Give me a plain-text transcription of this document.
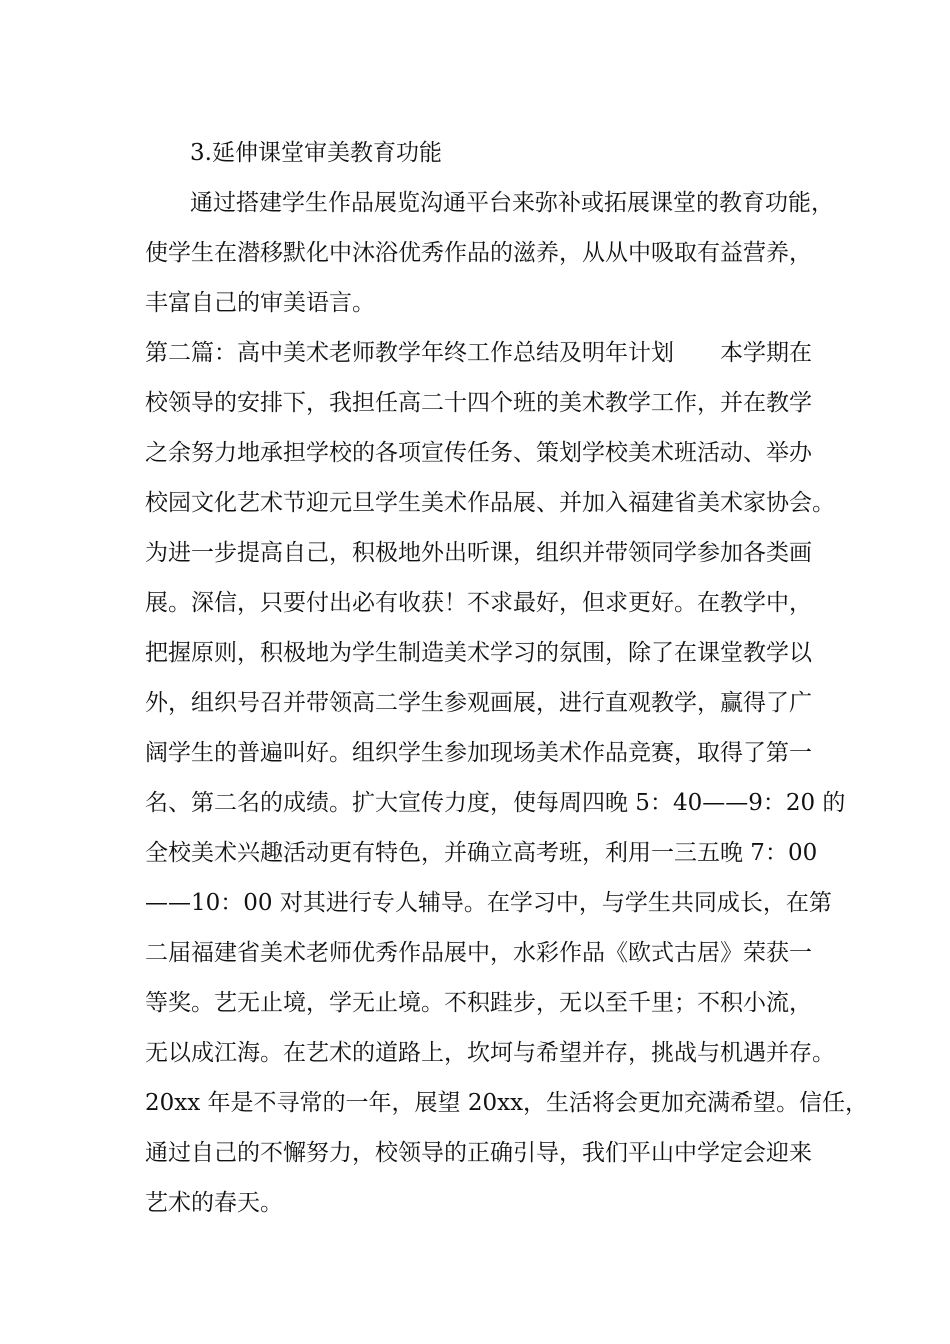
3.延伸课堂审美教育功能
通过搭建学生作品展览沟通平台来弥补或拓展课堂的教育功能，
使学生在潜移默化中沐浴优秀作品的滋养，从从中吸取有益营养，
丰富自己的审美语言。
第二篇：高中美术老师教学年终工作总结及明年计划　　本学期在
校领导的安排下，我担任高二十四个班的美术教学工作，并在教学
之余努力地承担学校的各项宣传任务、策划学校美术班活动、举办
校园文化艺术节迎元旦学生美术作品展、并加入福建省美术家协会。
为进一步提高自己，积极地外出听课，组织并带领同学参加各类画
展。深信，只要付出必有收获！不求最好，但求更好。在教学中，
把握原则，积极地为学生制造美术学习的氛围，除了在课堂教学以
外，组织号召并带领高二学生参观画展，进行直观教学，赢得了广
阔学生的普遍叫好。组织学生参加现场美术作品竞赛，取得了第一
名、第二名的成绩。扩大宣传力度，使每周四晚 5：40——9：20 的
全校美术兴趣活动更有特色，并确立高考班，利用一三五晚 7：00
——10：00 对其进行专人辅导。在学习中，与学生共同成长，在第
二届福建省美术老师优秀作品展中，水彩作品《欧式古居》荣获一
等奖。艺无止境，学无止境。不积跬步，无以至千里；不积小流，
无以成江海。在艺术的道路上，坎坷与希望并存，挑战与机遇并存。
20xx 年是不寻常的一年，展望 20xx，生活将会更加充满希望。信任，
通过自己的不懈努力，校领导的正确引导，我们平山中学定会迎来
艺术的春天。
